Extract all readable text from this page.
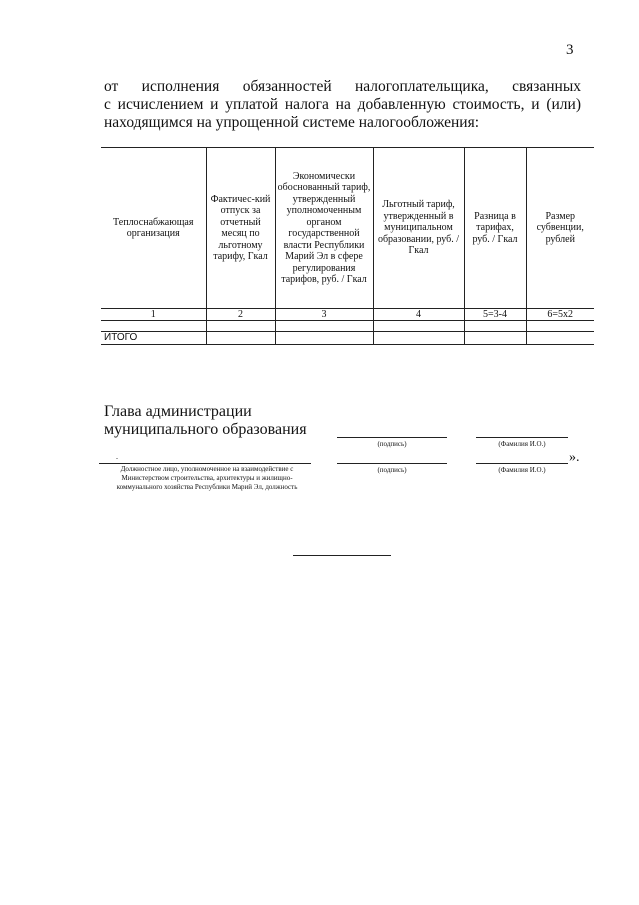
3
от исполнения обязанностей налогоплательщика, связанных
с исчислением и уплатой налога на добавленную стоимость, и (или)
находящимся на упрощенной системе налогообложения:
Теплоснабжающая организация	Фактичес-кий отпуск за отчетный месяц по льготному тарифу, Гкал	Экономически обоснованный тариф, утвержденный уполномоченным органом государственной власти Республики Марий Эл в сфере регулирования тарифов, руб. / Гкал	Льготный тариф, утвержденный в муниципальном образовании, руб. / Гкал	Разница в тарифах, руб. / Гкал	Размер субвенции, рублей
1	2	3	4	5=3-4	6=5x2

ИТОГО					
Глава администрации
муниципального образования
(подпись)	(Фамилия И.О.)
.
Должностное лицо, уполномоченное на взаимодействие с Министерством строительства, архитектуры и жилищно-коммунального хозяйства Республики Марий Эл, должность
(подпись)	(Фамилия И.О.)
».
